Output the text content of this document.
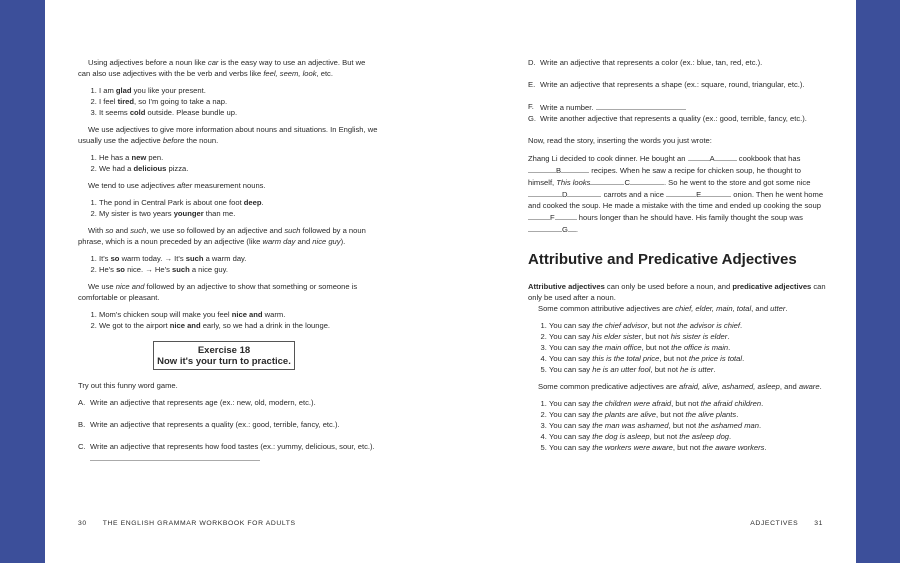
Using adjectives before a noun like car is the easy way to use an adjective. But we can also use adjectives with the be verb and verbs like feel, seem, look, etc.

1. I am glad you like your present.
2. I feel tired, so I'm going to take a nap.
3. It seems cold outside. Please bundle up.

We use adjectives to give more information about nouns and situations. In English, we usually use the adjective before the noun.

1. He has a new pen.
2. We had a delicious pizza.

We tend to use adjectives after measurement nouns.

1. The pond in Central Park is about one foot deep.
2. My sister is two years younger than me.

With so and such, we use so followed by an adjective and such followed by a noun phrase, which is a noun preceded by an adjective (like warm day and nice guy).

1. It's so warm today. → It's such a warm day.
2. He's so nice. → He's such a nice guy.

We use nice and followed by an adjective to show that something or someone is comfortable or pleasant.

1. Mom's chicken soup will make you feel nice and warm.
2. We got to the airport nice and early, so we had a drink in the lounge.
Exercise 18
Now it's your turn to practice.

Try out this funny word game.

A. Write an adjective that represents age (ex.: new, old, modern, etc.).
B. Write an adjective that represents a quality (ex.: good, terrible, fancy, etc.).
C. Write an adjective that represents how food tastes (ex.: yummy, delicious, sour, etc.).
30 THE ENGLISH GRAMMAR WORKBOOK FOR ADULTS
D. Write an adjective that represents a color (ex.: blue, tan, red, etc.).
E. Write an adjective that represents a shape (ex.: square, round, triangular, etc.).
F. Write a number.
G. Write another adjective that represents a quality (ex.: good, terrible, fancy, etc.).

Now, read the story, inserting the words you just wrote:

Zhang Li decided to cook dinner. He bought an	A	cookbook that has B	recipes. When he saw a recipe for chicken soup, he thought to himself, This looks	C	. So he went to the store and got some nice D	carrots and a nice	E	onion. Then he went home and cooked the soup. He made a mistake with the time and ended up cooking the soup F	hours longer than he should have. His family thought the soup was G .

Attributive and Predicative Adjectives

Attributive adjectives can only be used before a noun, and predicative adjectives can only be used after a noun.

Some common attributive adjectives are chief, elder, main, total, and utter.

1. You can say the chief advisor, but not the advisor is chief.
2. You can say his elder sister, but not his sister is elder.
3. You can say the main office, but not the office is main.
4. You can say this is the total price, but not the price is total.
5. You can say he is an utter fool, but not he is utter.

Some common predicative adjectives are afraid, alive, ashamed, asleep, and aware.

1. You can say the children were afraid, but not the afraid children.
2. You can say the plants are alive, but not the alive plants.
3. You can say the man was ashamed, but not the ashamed man.
4. You can say the dog is asleep, but not the asleep dog.
5. You can say the workers were aware, but not the aware workers.
ADJECTIVES 31
